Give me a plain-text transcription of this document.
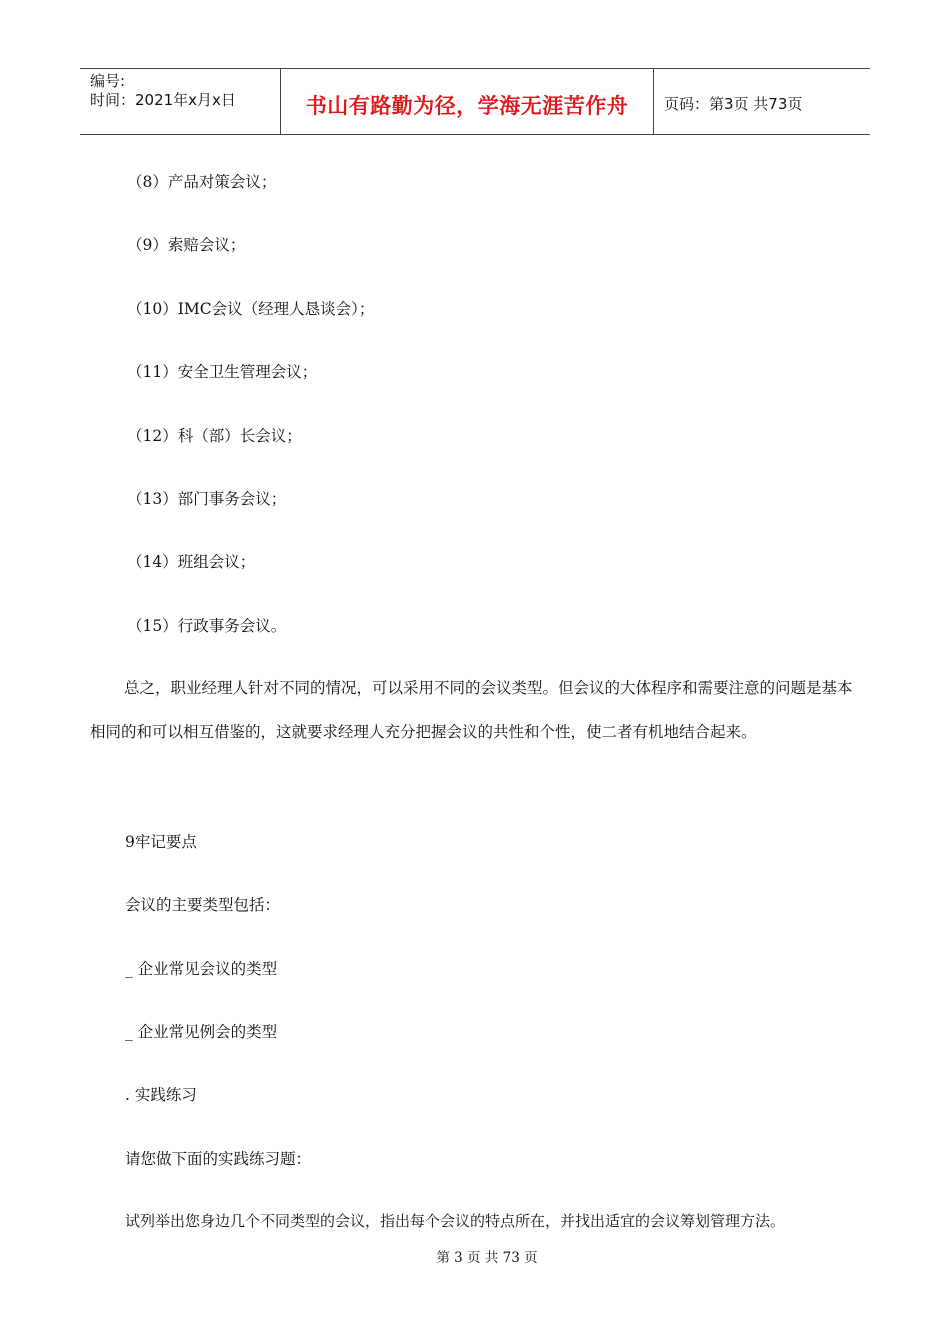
编号:
时间：2021年x月x日	书山有路勤为径，学海无涯苦作舟	页码：第3页 共73页
（8）产品对策会议；
（9）索赔会议；
（10）IMC会议（经理人恳谈会）；
（11）安全卫生管理会议；
（12）科（部）长会议；
（13）部门事务会议；
（14）班组会议；
（15）行政事务会议。
总之，职业经理人针对不同的情况，可以采用不同的会议类型。但会议的大体程序和需要注意的问题是基本相同的和可以相互借鉴的，这就要求经理人充分把握会议的共性和个性，使二者有机地结合起来。
9牢记要点
会议的主要类型包括：
_ 企业常见会议的类型
_ 企业常见例会的类型
. 实践练习
请您做下面的实践练习题：
试列举出您身边几个不同类型的会议，指出每个会议的特点所在，并找出适宜的会议筹划管理方法。
第 3 页 共 73 页
